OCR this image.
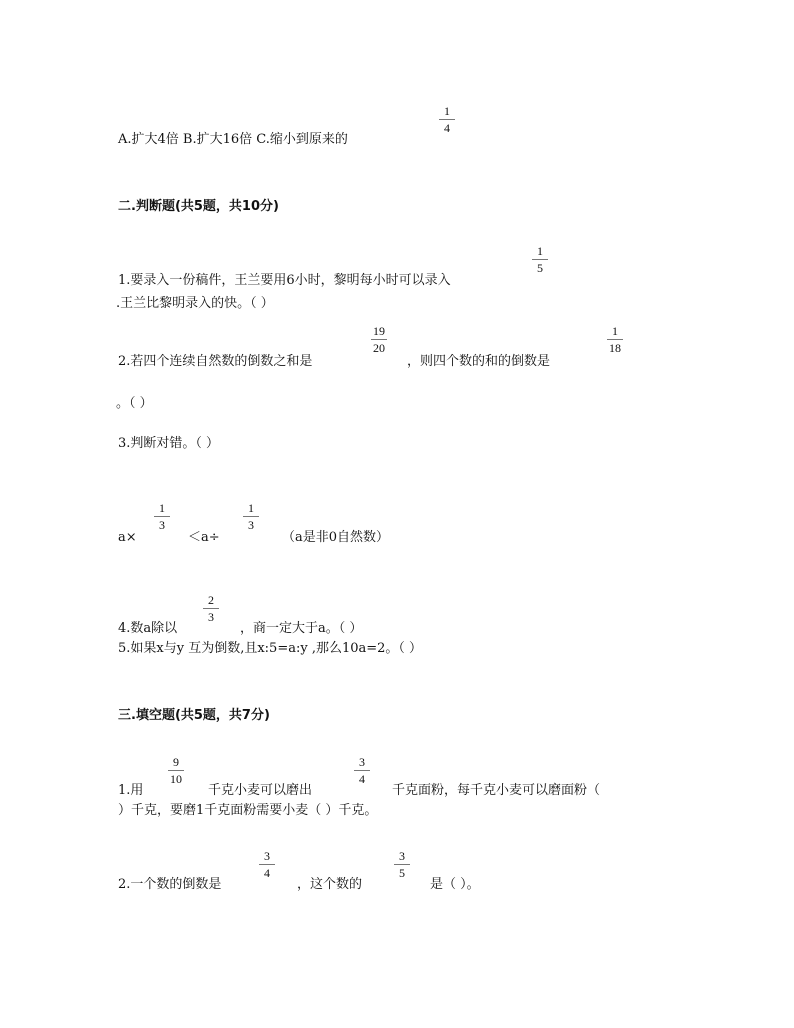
A.扩大4倍 B.扩大16倍 C.缩小到原来的
1
4
二.判断题(共5题，共10分)
1.要录入一份稿件，王兰要用6小时，黎明每小时可以录入
1
5
.王兰比黎明录入的快。（ ）
2.若四个连续自然数的倒数之和是
19
20
，则四个数的和的倒数是
1
18
。（ ）
3.判断对错。（ ）
a×
1
3
＜a÷
1
3
（a是非0自然数）
2
3
4.数a除以	，商一定大于a。（ ）
5.如果x与y 互为倒数,且x:5=a:y ,那么10a=2。（ ）
三.填空题(共5题，共7分)
1.用
9
10
千克小麦可以磨出
3
4
千克面粉，每千克小麦可以磨面粉（
）千克，要磨1千克面粉需要小麦（ ）千克。
2.一个数的倒数是
3
4
，这个数的
3
5
是（ ）。
